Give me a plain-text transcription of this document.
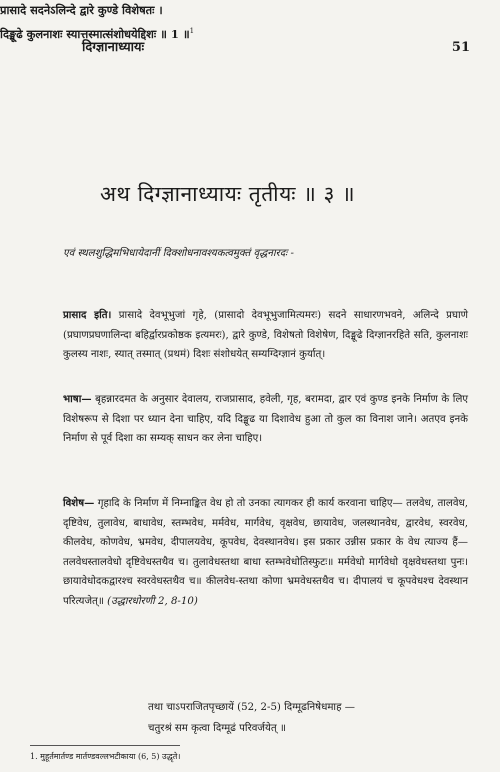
दिग्ज्ञानाध्यायः	51
अथ दिग्ज्ञानाध्यायः तृतीयः ॥ ३ ॥
एवं स्थलशुद्धिमभिधायेदानीं दिक्शोधनावश्यकत्वमुक्तं वृद्धनारदः -
प्रासादे सदनेऽलिन्दे द्वारे कुण्डे विशेषतः ।
दिङ्मूढे कुलनाशः स्यात्तस्मात्संशोधयेद्दिशः ॥ 1 ॥$^1$
प्रासाद इति। प्रासादे देवभूभुजां गृहे, (प्रासादो देवभूभुजामित्यमरः) सदने साधारणभवने, अलिन्दे प्रघाणे (प्रघाणप्रघणालिन्दा बहिर्द्वारप्रकोष्ठक इत्यमरः), द्वारे कुण्डे, विशेषतो विशेषेण, दिङ्मूढे दिग्ज्ञानरहिते सति, कुलनाशः कुलस्य नाशः, स्यात् तस्मात् (प्रथमं) दिशः संशोधयेत् सम्यग्दिग्ज्ञानं कुर्यात्।
भाषा— बृहन्नारदमत के अनुसार देवालय, राजप्रासाद, हवेली, गृह, बरामदा, द्वार एवं कुण्ड इनके निर्माण के लिए विशेषरूप से दिशा पर ध्यान देना चाहिए, यदि दिङ्मूढ या दिशावेध हुआ तो कुल का विनाश जाने। अतएव इनके निर्माण से पूर्व दिशा का सम्यक् साधन कर लेना चाहिए।
विशेष— गृहादि के निर्माण में निम्नाङ्कित वेध हो तो उनका त्यागकर ही कार्य करवाना चाहिए— तलवेध, तालवेध, दृष्टिवेध, तुलावेध, बाधावेध, स्तम्भवेध, मर्मवेध, मार्गवेध, वृक्षवेध, छायावेध, जलस्थानवेध, द्वारवेध, स्वरवेध, कीलवेध, कोणवेध, भ्रमवेध, दीपालयवेध, कूपवेध, देवस्थानवेध। इस प्रकार उन्नीस प्रकार के वेध त्याज्य हैं— तलवेधस्तालवेधो दृष्टिवेधस्तथैव च। तुलावेधस्तथा बाधा स्तम्भवेधोतिस्फुटः॥ मर्मवेधो मार्गवेधो वृक्षवेधस्तथा पुनः। छायावेधोदकद्वारश्च स्वरवेधस्तथैव च॥ कीलवेध-स्तथा कोणा भ्रमवेधस्तथैव च। दीपालयं च कूपवेधश्च देवस्थान परित्यजेत्॥ (उद्धारधोरणी 2, 8-10)
तथा चाऽपराजितपृच्छायें (52, 2-5) दिग्मूढनिषेधमाह —
चतुरश्रं सम कृत्वा दिग्मूढं परिवर्जयेत् ॥
1. मुहूर्तमार्तण्ड मार्तण्डवल्लभटीकाया (6, 5) उद्धृते।
